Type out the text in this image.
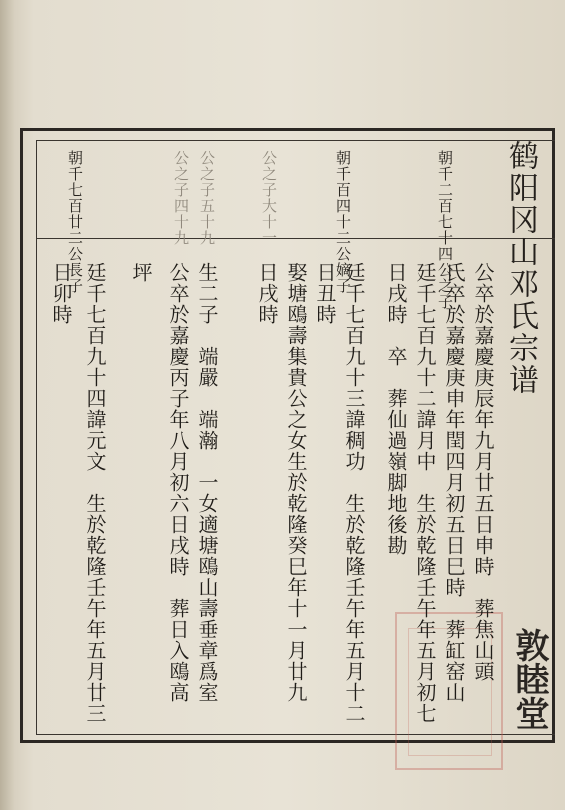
鹤阳冈山邓氏宗谱
敦睦堂
朝千二百七十四公之子
朝千百四十二公嫡子
朝千七百廿二公長子	公之子大十一
公之子五十九
公之子四十九
公卒於嘉慶庚辰年九月廿五日申時　葬焦山頭
氏卒於嘉慶庚申年閏四月初五日巳時　葬缸窑山
廷千七百九十二諱月中　生於乾隆壬午年五月初七
日戌時　卒　葬仙過嶺脚地後勘
廷千七百九十三諱稠功　生於乾隆壬午年五月十二
日丑時
娶塘鴎壽集貴公之女生於乾隆癸巳年十一月廿九
日戌時
生二子　端嚴　端瀚　一女適塘鴎山壽垂章爲室
公卒於嘉慶丙子年八月初六日戌時　葬日入鴎高
坪
廷千七百九十四諱元文　生於乾隆壬午年五月廿三
日卯時
